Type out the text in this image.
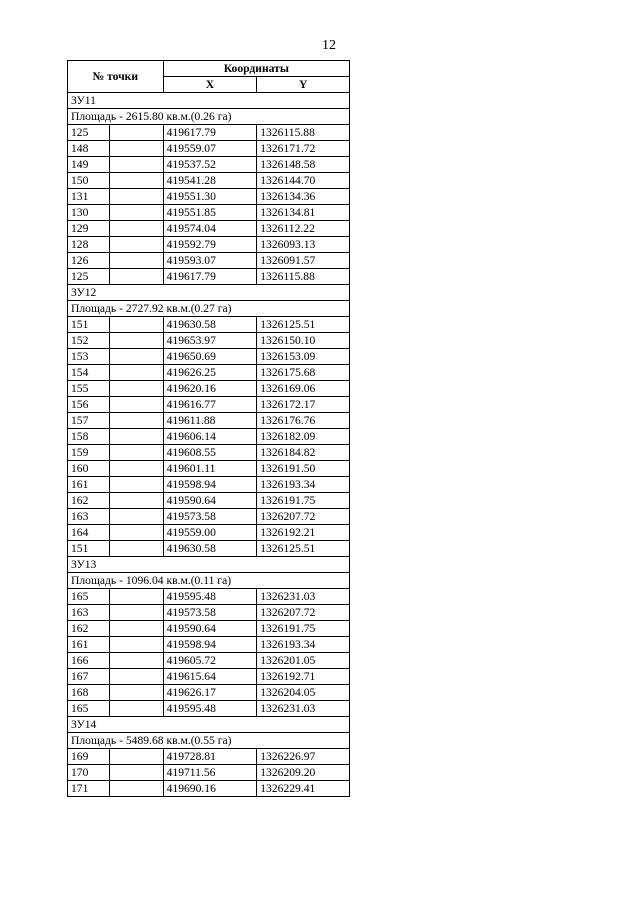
12
№ точки		Координаты	
		X	Y
ЗУ11			
Площадь - 2615.80 кв.м.(0.26 га)			
125		419617.79	1326115.88
148		419559.07	1326171.72
149		419537.52	1326148.58
150		419541.28	1326144.70
131		419551.30	1326134.36
130		419551.85	1326134.81
129		419574.04	1326112.22
128		419592.79	1326093.13
126		419593.07	1326091.57
125		419617.79	1326115.88
ЗУ12			
Площадь - 2727.92 кв.м.(0.27 га)			
151		419630.58	1326125.51
152		419653.97	1326150.10
153		419650.69	1326153.09
154		419626.25	1326175.68
155		419620.16	1326169.06
156		419616.77	1326172.17
157		419611.88	1326176.76
158		419606.14	1326182.09
159		419608.55	1326184.82
160		419601.11	1326191.50
161		419598.94	1326193.34
162		419590.64	1326191.75
163		419573.58	1326207.72
164		419559.00	1326192.21
151		419630.58	1326125.51
ЗУ13			
Площадь - 1096.04 кв.м.(0.11 га)			
165		419595.48	1326231.03
163		419573.58	1326207.72
162		419590.64	1326191.75
161		419598.94	1326193.34
166		419605.72	1326201.05
167		419615.64	1326192.71
168		419626.17	1326204.05
165		419595.48	1326231.03
ЗУ14			
Площадь - 5489.68 кв.м.(0.55 га)			
169		419728.81	1326226.97
170		419711.56	1326209.20
171		419690.16	1326229.41
